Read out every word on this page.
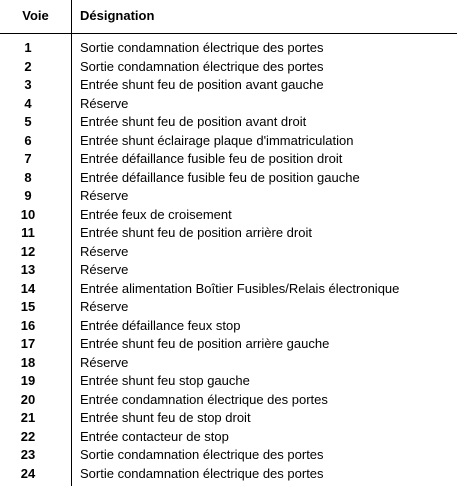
Voie	Désignation
1	Sortie condamnation électrique des portes
2	Sortie condamnation électrique des portes
3	Entrée shunt feu de position avant gauche
4	Réserve
5	Entrée shunt feu de position avant droit
6	Entrée shunt éclairage plaque d'immatriculation
7	Entrée défaillance fusible feu de position droit
8	Entrée défaillance fusible feu de position gauche
9	Réserve
10	Entrée feux de croisement
11	Entrée shunt feu de position arrière droit
12	Réserve
13	Réserve
14	Entrée alimentation Boîtier Fusibles/Relais électronique
15	Réserve
16	Entrée défaillance feux stop
17	Entrée shunt feu de position arrière gauche
18	Réserve
19	Entrée shunt feu stop gauche
20	Entrée condamnation électrique des portes
21	Entrée shunt feu de stop droit
22	Entrée contacteur de stop
23	Sortie condamnation électrique des portes
24	Sortie condamnation électrique des portes
